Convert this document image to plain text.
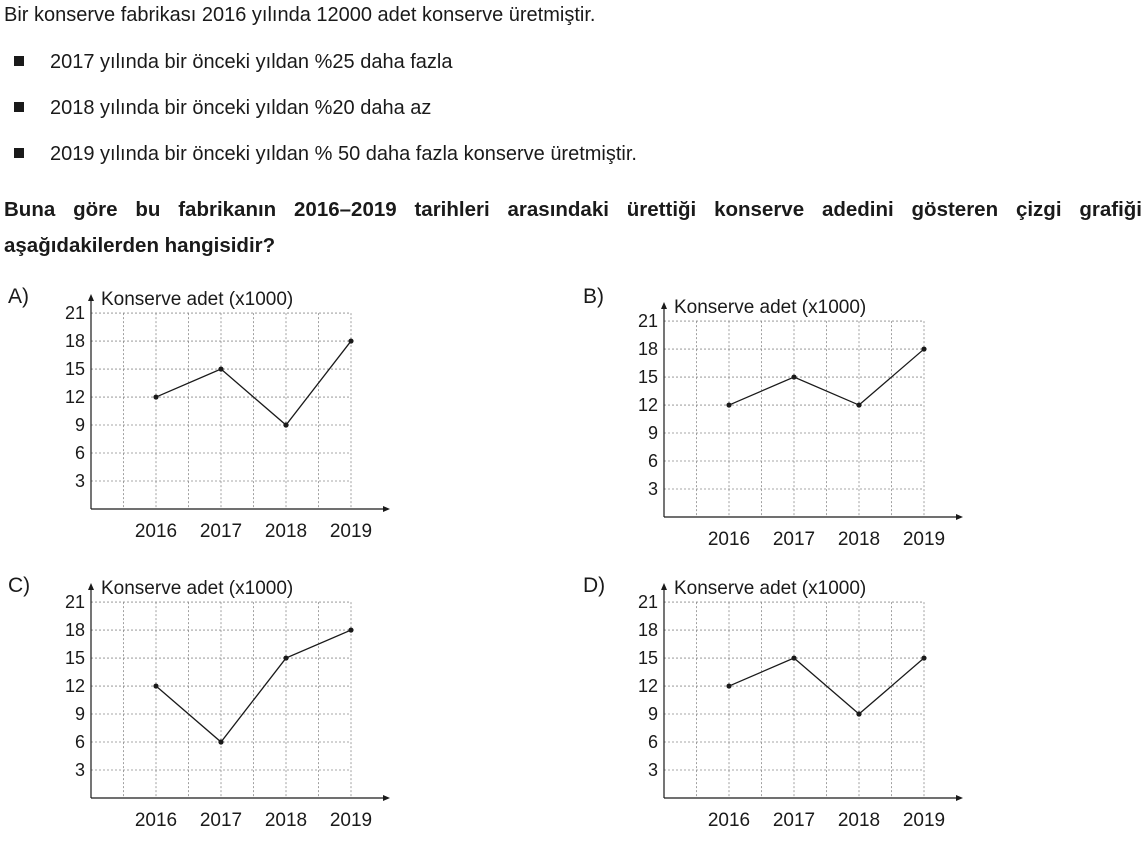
Bir konserve fabrikası 2016 yılında 12000 adet konserve üretmiştir.

2017 yılında bir önceki yıldan %25 daha fazla
2018 yılında bir önceki yıldan %20 daha az
2019 yılında bir önceki yıldan % 50 daha fazla konserve üretmiştir.

Buna göre bu fabrikanın 2016–2019 tarihleri arasındaki ürettiği konserve adedini gösteren çizgi grafiği aşağıdakilerden hangisidir?

A)	Konserve adet (x1000)
3
6
9
12
15
18
21
2016 2017 2018 2019
B)	Konserve adet (x1000)
3
6
9
12
15
18
21
2016 2017 2018 2019
C)	Konserve adet (x1000)
3
6
9
12
15
18
21
2016 2017 2018 2019
D)	Konserve adet (x1000)
3
6
9
12
15
18
21
2016 2017 2018 2019
